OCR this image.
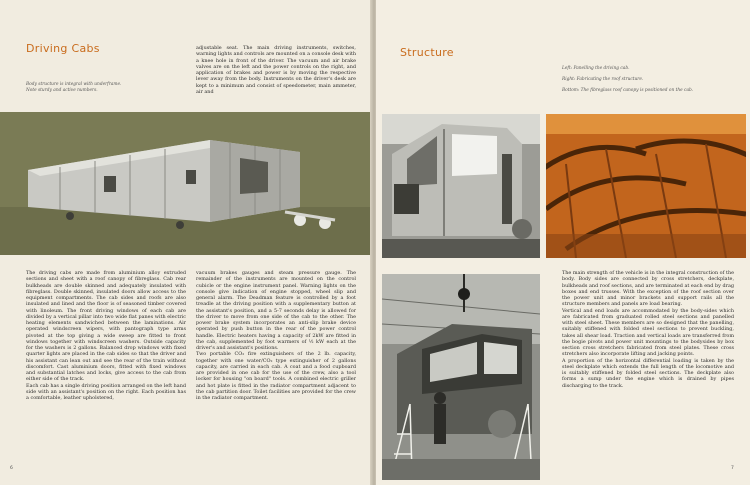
Driving Cabs
Body structure is integral with underframe.
Note sturdy and active numbers.
adjustable seat. The main driving instruments, switches, warning lights and controls are mounted on a console desk with a knee hole in front of the driver. The vacuum and air brake valves are on the left and the power controls on the right, and application of brakes and power is by moving the respective lever away from the body. Instruments on the driver's desk are kept to a minimum and consist of speedometer, main ammeter, air and
The driving cabs are made from aluminium alloy extruded sections and sheet with a roof canopy of fibreglass. Cab rear bulkheads are double skinned and adequately insulated with fibreglass. Double skinned, insulated doors allow access to the equipment compartments. The cab sides and roofs are also insulated and lined and the floor is of seasoned timber covered with linoleum. The front driving windows of each cab are divided by a vertical pillar into two wide flat panes with electric heating elements sandwiched between the laminations. Air operated windscreen wipers, with pantograph type arms pivoted at the top giving a wide sweep are fitted to front windows together with windscreen washers. Outside capacity for the washers is 2 gallons. Balanced drop windows with fixed quarter lights are placed in the cab sides so that the driver and his assistant can lean out and see the rear of the train without discomfort. Cast aluminium doors, fitted with fixed windows and substantial latches and locks, give access to the cab from either side of the track.
Each cab has a single driving position arranged on the left hand side with an assistant's position on the right. Each position has a comfortable, leather upholstered,
vacuum brakes gauges and steam pressure gauge. The remainder of the instruments are mounted on the control cubicle or the engine instrument panel. Warning lights on the console give indication of engine stopped, wheel slip and general alarm. The Deadman feature is controlled by a foot treadle at the driving position with a supplementary button at the assistant's position, and a 5-7 seconds delay is allowed for the driver to move from one side of the cab to the other. The power brake system incorporates an anti-slip brake device operated by push button in the rear of the power control handle. Electric heaters having a capacity of 2kW are fitted in the cab, supplemented by foot warmers of ½ kW each at the driver's and assistant's positions.
Two portable CO₂ fire extinguishers of the 2 lb. capacity, together with one water/CO₂ type extinguisher of 2 gallons capacity, are carried in each cab. A coat and a food cupboard are provided in one cab for the use of the crew, also a tool locker for housing "on board" tools. A combined electric griller and hot plate is fitted in the radiator compartment adjacent to the cab partition door. Toilet facilities are provided for the crew in the radiator compartment.
6
Structure
Left: Panelling the driving cab.
Right: Fabricating the roof structure.
Bottom: The fibreglass roof canopy is positioned on the cab.
The main strength of the vehicle is in the integral construction of the body. Body sides are connected by cross stretchers, deckplate, bulkheads and roof sections, and are terminated at each end by drag boxes and end trusses. With the exception of the roof section over the power unit and minor brackets and support rails all the structure members and panels are load bearing.
Vertical and end loads are accommodated by the body-sides which are fabricated from graduated rolled steel sections and panelled with steel sheet. These members are so designed that the panelling, suitably stiffened with folded steel sections to prevent buckling, takes all shear load. Traction and vertical loads are transferred from the bogie pivots and power unit mountings to the bodysides by box section cross stretchers fabricated from steel plates. These cross stretchers also incorporate lifting and jacking points.
A proportion of the horizontal differential loading is taken by the steel deckplate which extends the full length of the locomotive and is suitably stiffened by folded steel sections. The deckplate also forms a sump under the engine which is drained by pipes discharging to the track.
7
